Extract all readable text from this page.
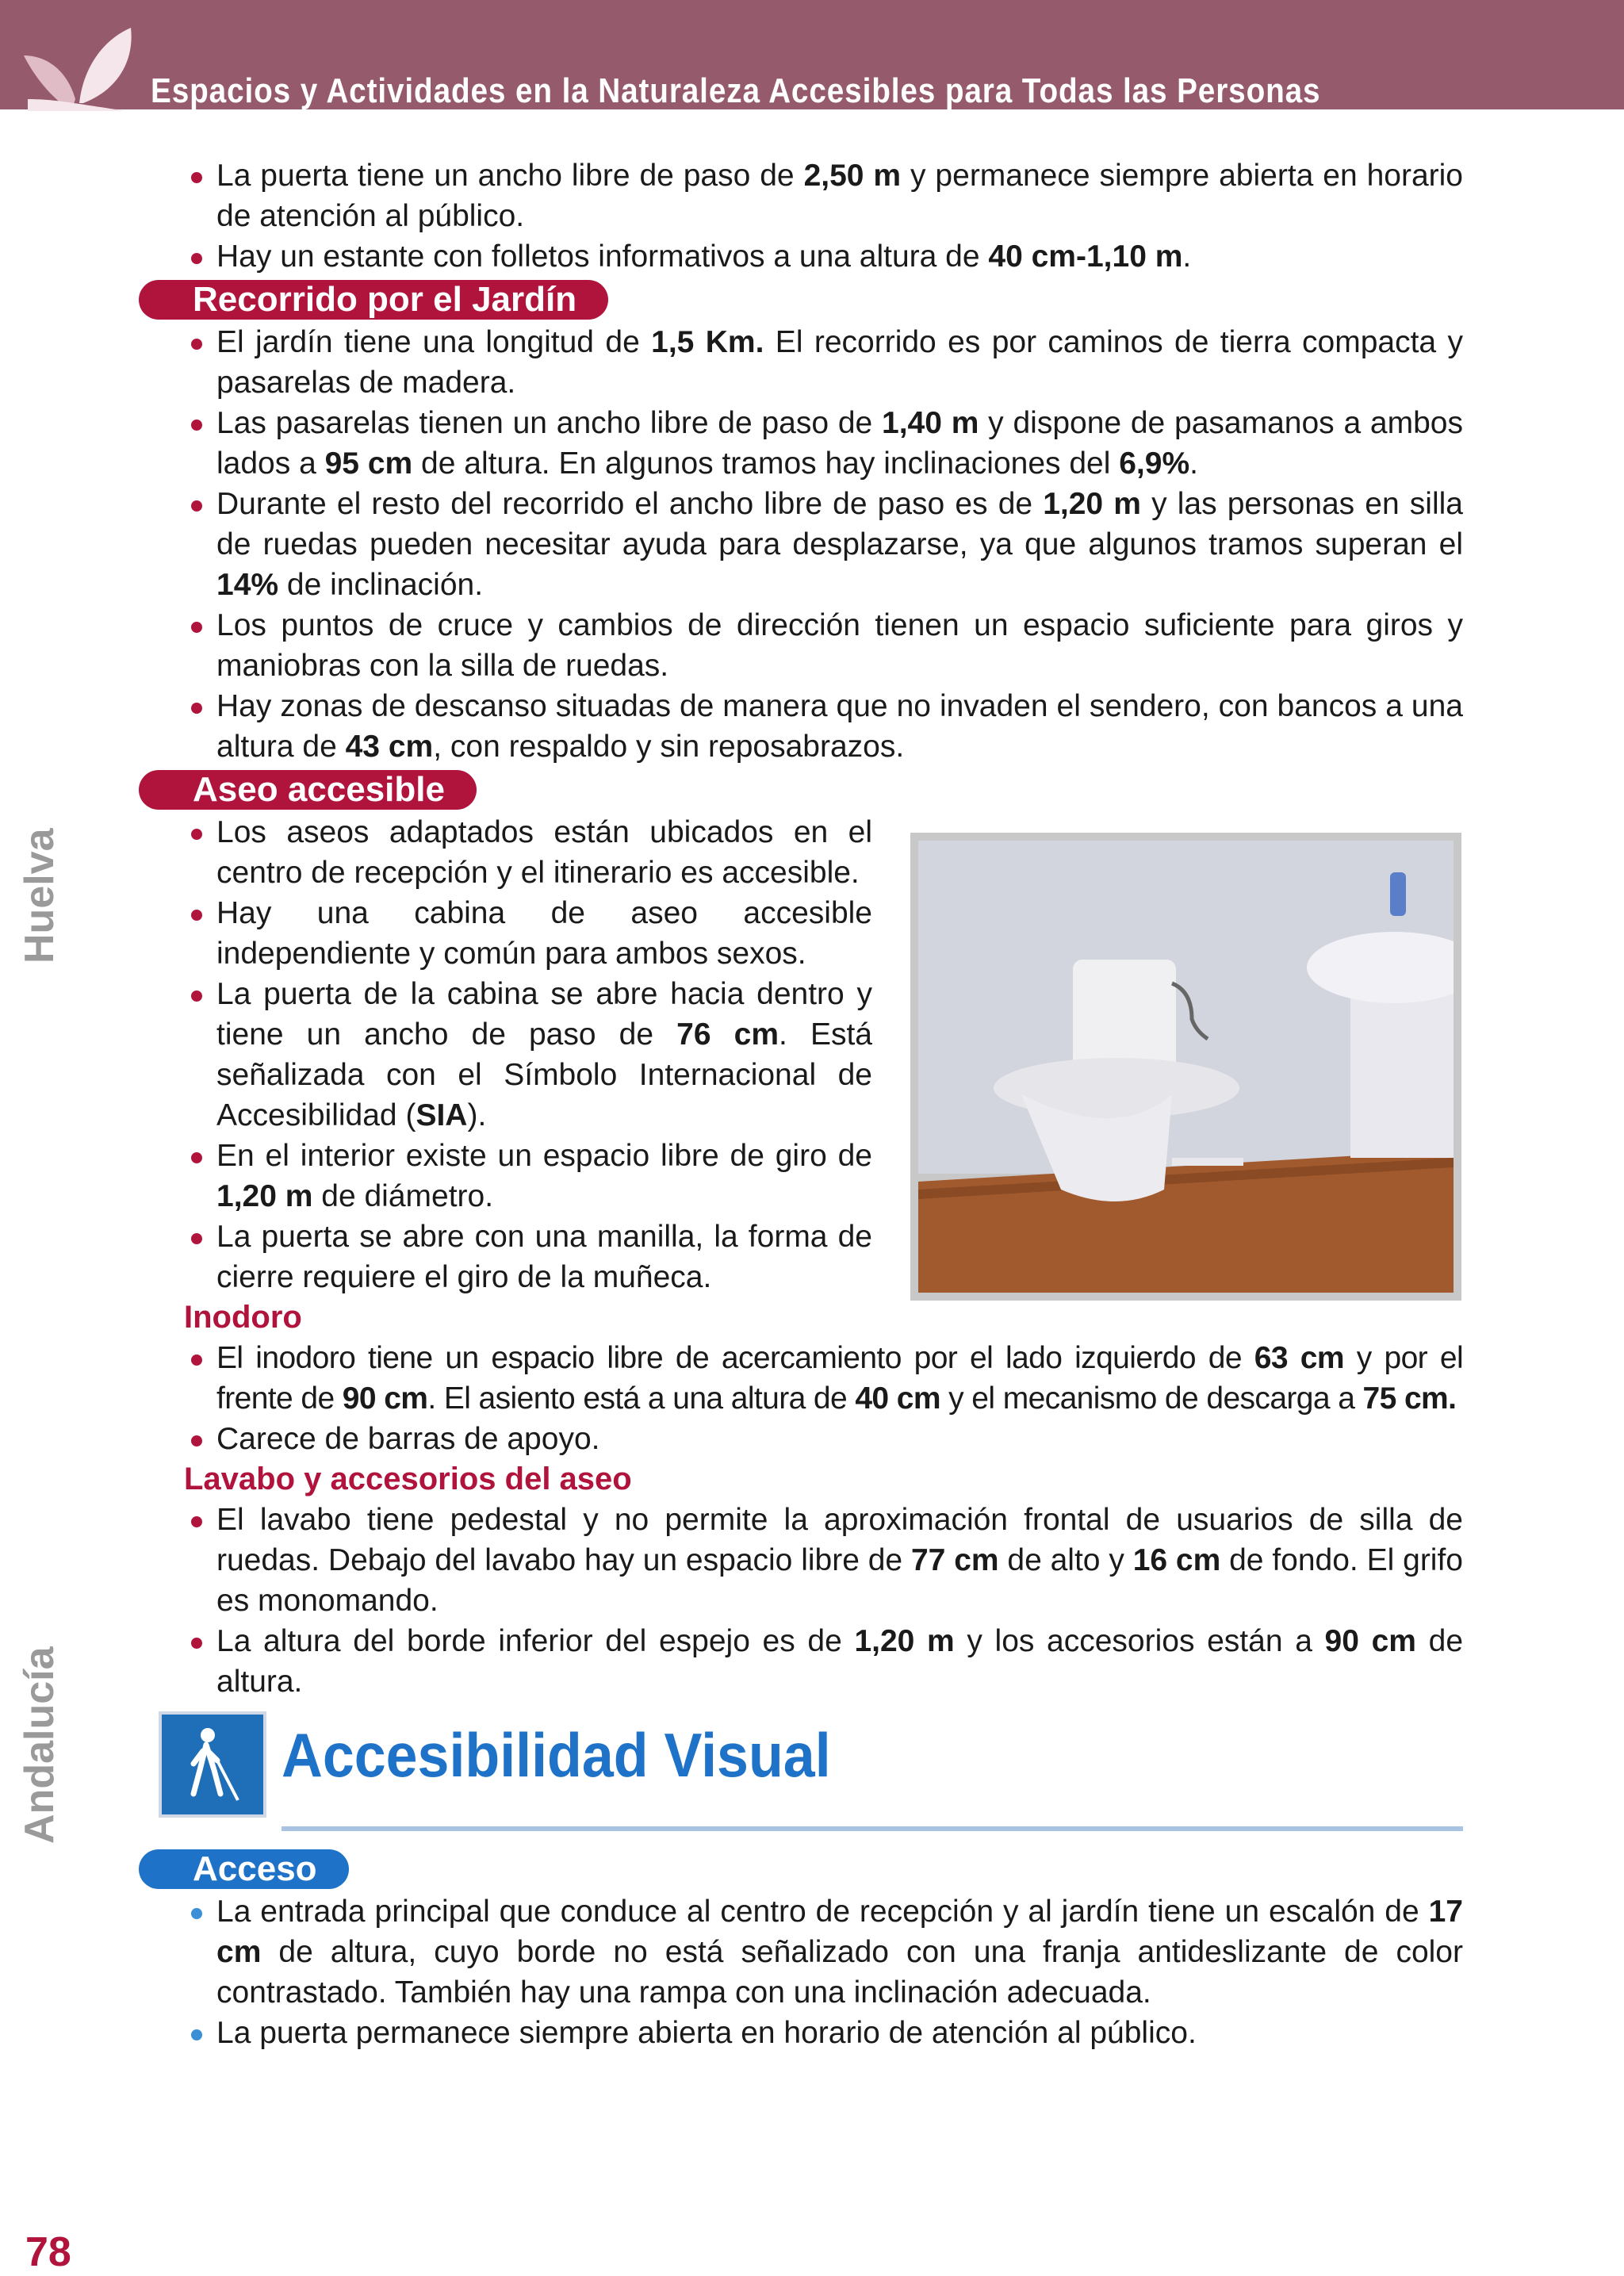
Espacios y Actividades en la Naturaleza Accesibles para Todas las Personas
Huelva
Andalucía
La puerta tiene un ancho libre de paso de 2,50 m y permanece siempre abierta en horario de atención al público.
Hay un estante con folletos informativos a una altura de 40 cm-1,10 m.
Recorrido por el Jardín
El jardín tiene una longitud de 1,5 Km. El recorrido es por caminos de tierra compacta y pasarelas de madera.
Las pasarelas tienen un ancho libre de paso de 1,40 m y dispone de pasamanos a ambos lados a 95 cm de altura. En algunos tramos hay inclinaciones del 6,9%.
Durante el resto del recorrido el ancho libre de paso es de 1,20 m y las personas en silla de ruedas pueden necesitar ayuda para desplazarse, ya que algunos tramos superan el 14% de inclinación.
Los puntos de cruce y cambios de dirección tienen un espacio suficiente para giros y maniobras con la silla de ruedas.
Hay zonas de descanso situadas de manera que no invaden el sendero, con bancos a una altura de 43 cm, con respaldo y sin reposabrazos.
Aseo accesible
Los aseos adaptados están ubicados en el centro de recepción y el itinerario es accesible.
Hay una cabina de aseo accesible independiente y común para ambos sexos.
La puerta de la cabina se abre hacia dentro y tiene un ancho de paso de 76 cm. Está señalizada con el Símbolo Internacional de Accesibilidad (SIA).
En el interior existe un espacio libre de giro de 1,20 m de diámetro.
La puerta se abre con una manilla, la forma de cierre requiere el giro de la muñeca.
Inodoro
El inodoro tiene un espacio libre de acercamiento por el lado izquierdo de 63 cm y por el frente de 90 cm. El asiento está a una altura de 40 cm y el mecanismo de descarga a 75 cm.
Carece de barras de apoyo.
Lavabo y accesorios del aseo
El lavabo tiene pedestal y no permite la aproximación frontal de usuarios de silla de ruedas. Debajo del lavabo hay un espacio libre de 77 cm de alto y 16 cm de fondo. El grifo es monomando.
La altura del borde inferior del espejo es de 1,20 m y los accesorios están a 90 cm de altura.
Accesibilidad Visual
Acceso
La entrada principal que conduce al centro de recepción y al jardín tiene un escalón de 17 cm de altura, cuyo borde no está señalizado con una franja antideslizante de color contrastado. También hay una rampa con una inclinación adecuada.
La puerta permanece siempre abierta en horario de atención al público.
78
